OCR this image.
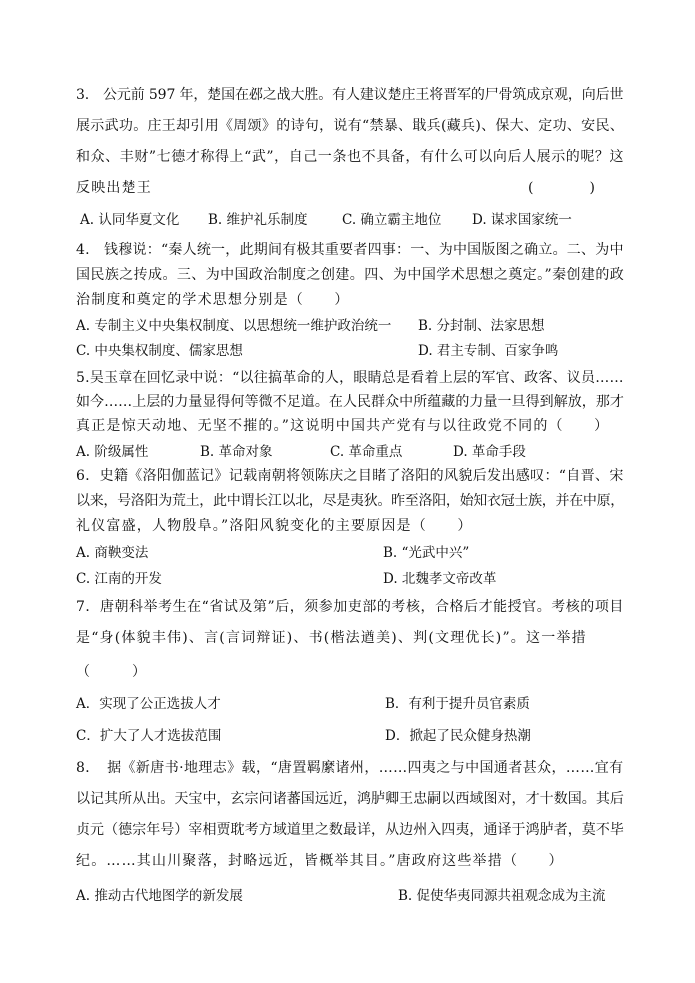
3.　公元前 597 年，楚国在邲之战大胜。有人建议楚庄王将晋军的尸骨筑成京观，向后世
展示武功。庄王却引用《周颂》的诗句，说有“禁暴、戢兵(藏兵)、保大、定功、安民、
和众、丰财”七德才称得上“武”，自己一条也不具备，有什么可以向后人展示的呢？这
反映出楚王	(　　　　)
A. 认同华夏文化 B. 维护礼乐制度	C. 确立霸主地位 D. 谋求国家统一
4.　钱穆说：“秦人统一，此期间有极其重要者四事：一、为中国版图之确立。二、为中
国民族之抟成。三、为中国政治制度之创建。四、为中国学术思想之奠定。”秦创建的政
治制度和奠定的学术思想分别是（　　）
A. 专制主义中央集权制度、以思想统一维护政治统一 B. 分封制、法家思想
C. 中央集权制度、儒家思想	D. 君主专制、百家争鸣
5.吴玉章在回忆录中说：“以往搞革命的人，眼睛总是看着上层的军官、政客、议员……
如今……上层的力量显得何等微不足道。在人民群众中所蕴藏的力量一旦得到解放，那才
真正是惊天动地、无坚不摧的。”这说明中国共产党有与以往政党不同的（　　）
A. 阶级属性	B. 革命对象	C. 革命重点	D. 革命手段
6．史籍《洛阳伽蓝记》记载南朝将领陈庆之目睹了洛阳的风貌后发出感叹：“自晋、宋
以来，号洛阳为荒土，此中谓长江以北，尽是夷狄。昨至洛阳，始知衣冠士族，并在中原，
礼仪富盛，人物殷阜。”洛阳风貌变化的主要原因是（　　）
A. 商鞅变法	B. “光武中兴”
C. 江南的开发	D. 北魏孝文帝改革
7．唐朝科举考生在“省试及第”后，须参加吏部的考核，合格后才能授官。考核的项目
是“身(体貌丰伟)、言(言词辩证)、书(楷法遒美)、判(文理优长)”。这一举措
（　　　）
A．实现了公正选拔人才	B．有利于提升员官素质
C．扩大了人才选拔范围	D．掀起了民众健身热潮
8．　据《新唐书·地理志》载，“唐置羁縻诸州，……四夷之与中国通者甚众，……宜有
以记其所从出。天宝中，玄宗问诸蕃国远近，鸿胪卿王忠嗣以西域图对，才十数国。其后
贞元（德宗年号）宰相贾耽考方域道里之数最详，从边州入四夷，通译于鸿胪者，莫不毕
纪。……其山川聚落，封略远近，皆概举其目。”唐政府这些举措（　　）
A. 推动古代地图学的新发展	B. 促使华夷同源共祖观念成为主流
